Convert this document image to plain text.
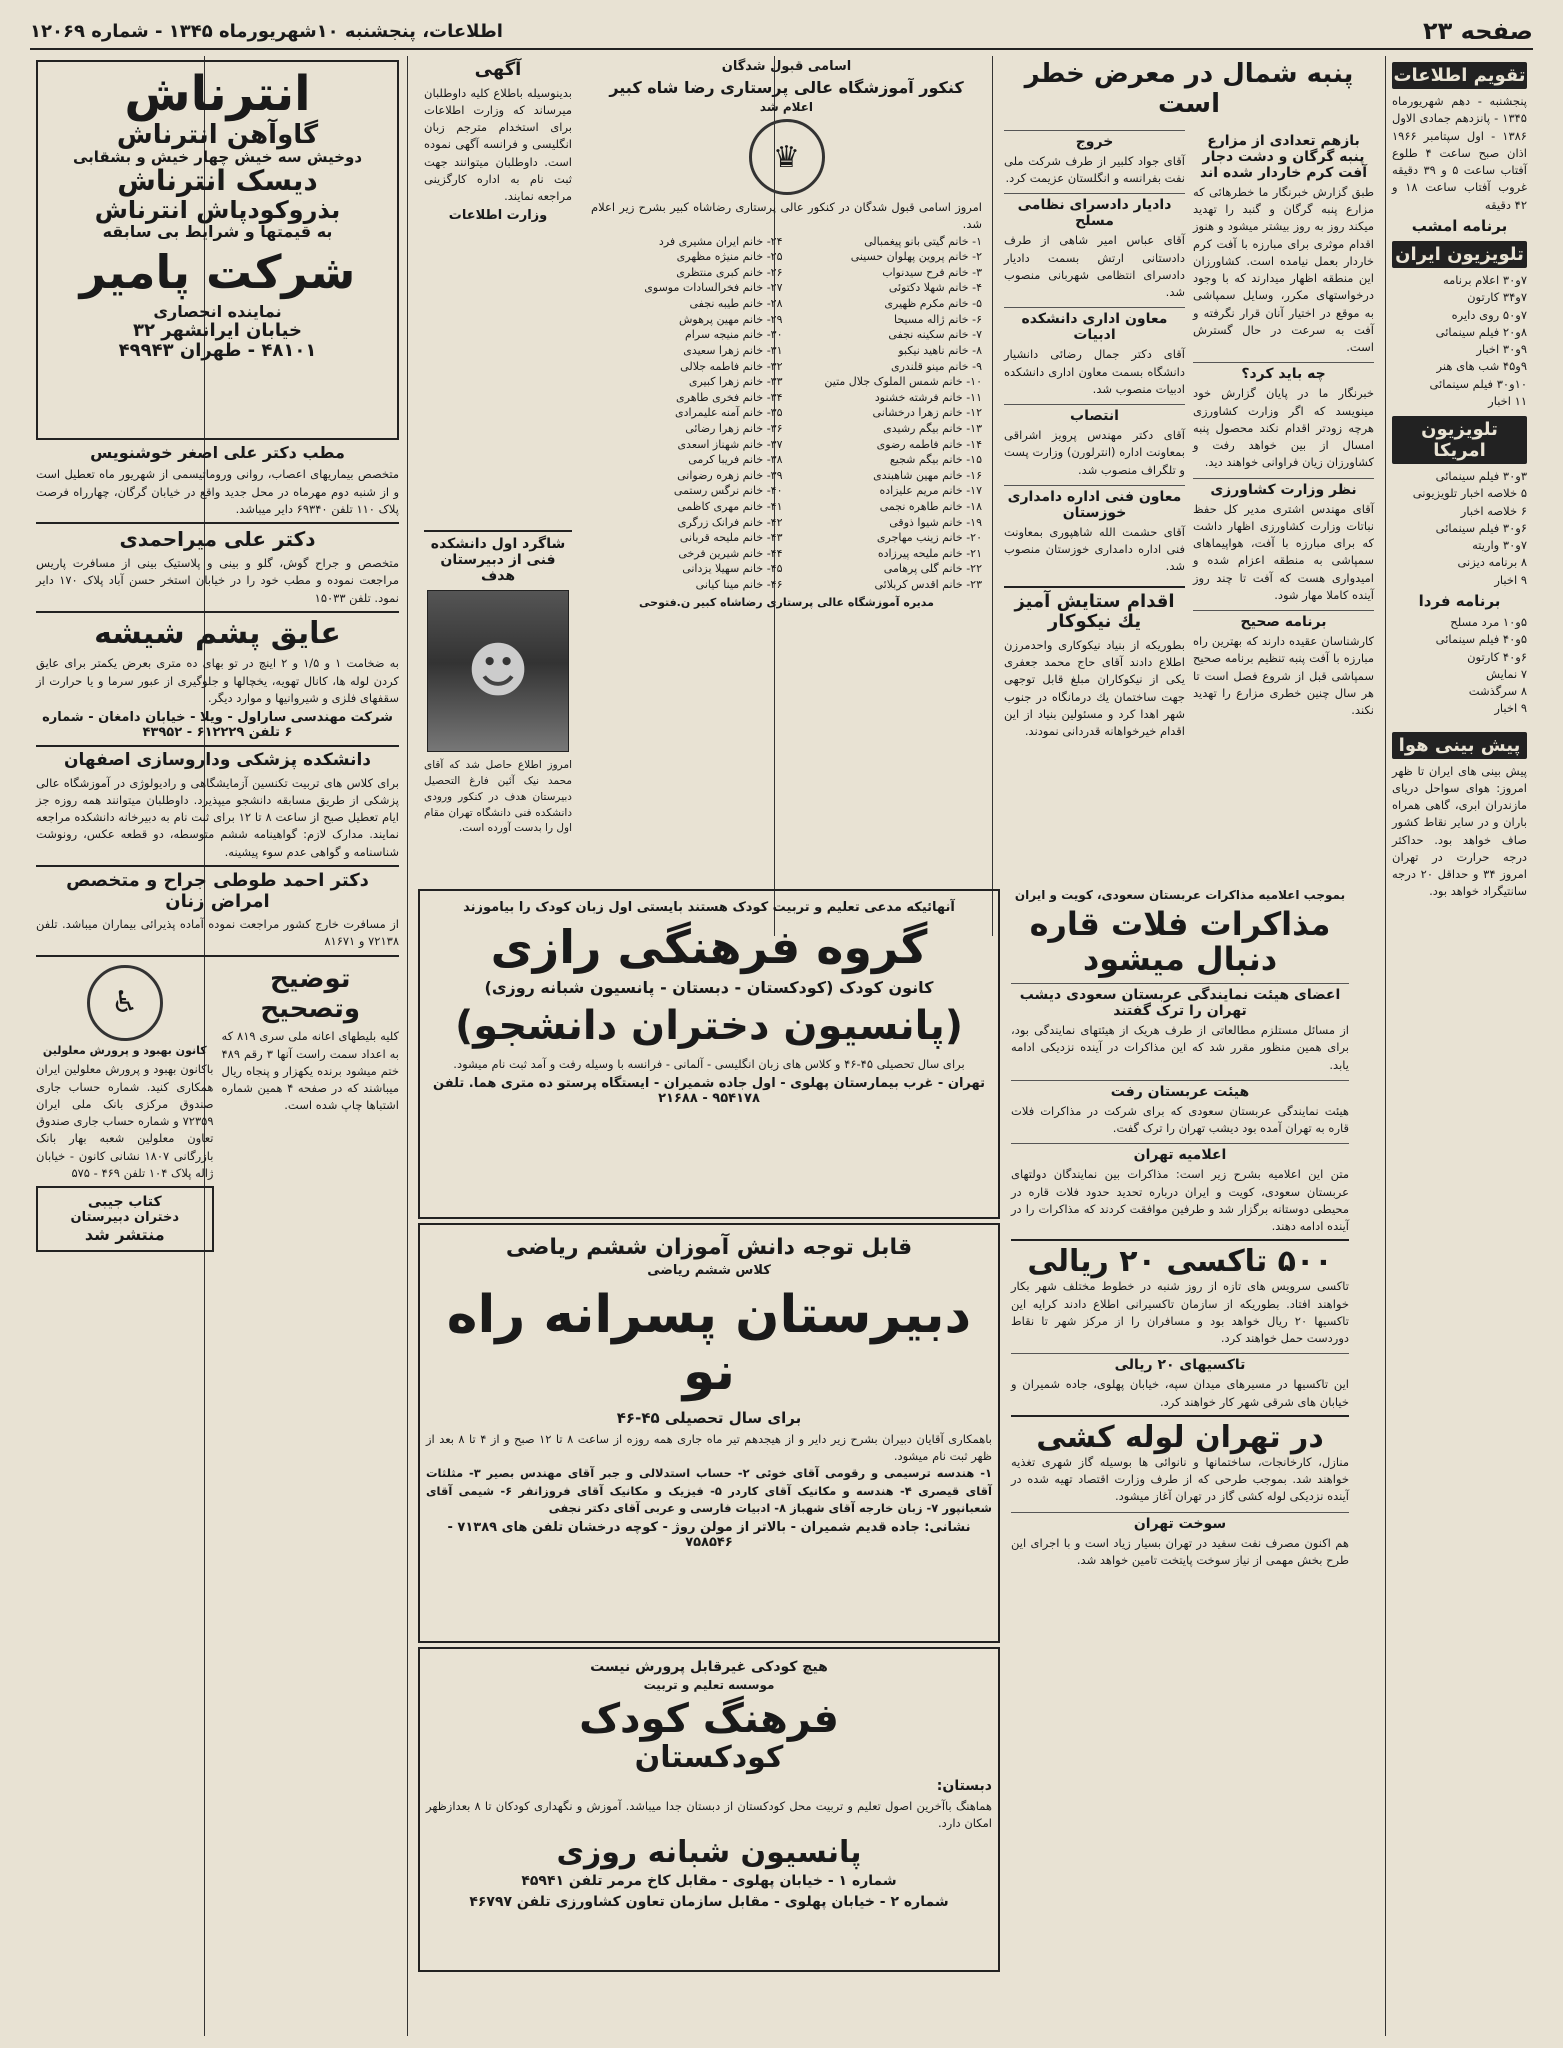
صفحه ۲۳
اطلاعات، پنجشنبه ۱۰شهریورماه ۱۳۴۵ - شماره ۱۲۰۶۹
تقویم اطلاعات

پنجشنبه - دهم شهریورماه ۱۳۴۵ - پانزدهم جمادی الاول ۱۳۸۶ - اول سپتامبر ۱۹۶۶ اذان صبح ساعت ۴ طلوع آفتاب ساعت ۵ و ۳۹ دقیقه غروب آفتاب ساعت ۱۸ و ۴۲ دقیقه

برنامه امشب
تلویزیون ایران
۷و۳۰ اعلام برنامه
۷و۳۴ کارتون
۷و۵۰ روی دایره
۸و۲۰ فیلم سینمائی
۹و۳۰ اخبار
۹و۴۵ شب های هنر
۱۰و۳۰ فیلم سینمائی
۱۱ اخبار
تلویزیون امریکا
۳و۳۰ فیلم سینمائی
۵ خلاصه اخبار تلویزیونی
۶ خلاصه اخبار
۶و۳۰ فیلم سینمائی
۷و۳۰ واریته
۸ برنامه دیزنی
۹ اخبار
برنامه فردا
۵و۱۰ مرد مسلح
۵و۴۰ فیلم سینمائی
۶و۴۰ کارتون
۷ نمایش
۸ سرگذشت
۹ اخبار
پیش بینی هوا

پیش بینی های ایران تا ظهر امروز: هوای سواحل دریای مازندران ابری، گاهی همراه باران و در سایر نقاط کشور صاف خواهد بود. حداکثر درجه حرارت در تهران امروز ۳۴ و حداقل ۲۰ درجه سانتیگراد خواهد بود.

پنبه شمال در معرض خطر است
بازهم تعدادی از مزارع پنبه گرگان و دشت دجار آفت کرم خاردار شده اند

طبق گزارش خبرنگار ما خطرهائی که مزارع پنبه گرگان و گنبد را تهدید میکند روز به روز بیشتر میشود و هنوز اقدام موثری برای مبارزه با آفت کرم خاردار بعمل نیامده است. کشاورزان این منطقه اظهار میدارند که با وجود درخواستهای مکرر، وسایل سمپاشی به موقع در اختیار آنان قرار نگرفته و آفت به سرعت در حال گسترش است.

چه باید کرد؟

خبرنگار ما در پایان گزارش خود مینویسد که اگر وزارت کشاورزی هرچه زودتر اقدام نکند محصول پنبه امسال از بین خواهد رفت و کشاورزان زیان فراوانی خواهند دید.

نظر وزارت کشاورزی

آقای مهندس اشتری مدیر کل حفظ نباتات وزارت کشاورزی اظهار داشت که برای مبارزه با آفت، هواپیماهای سمپاشی به منطقه اعزام شده و امیدواری هست که آفت تا چند روز آینده کاملا مهار شود.

برنامه صحیح

کارشناسان عقیده دارند که بهترین راه مبارزه با آفت پنبه تنظیم برنامه صحیح سمپاشی قبل از شروع فصل است تا هر سال چنین خطری مزارع را تهدید نکند.

خروج

آقای جواد کلبیر از طرف شرکت ملی نفت بفرانسه و انگلستان عزیمت کرد.

دادیار دادسرای نظامی مسلح

آقای عباس امیر شاهی از طرف دادستانی ارتش بسمت دادیار دادسرای انتظامی شهربانی منصوب شد.

معاون اداری دانشکده ادبیات

آقای دکتر جمال رضائی دانشیار دانشگاه بسمت معاون اداری دانشکده ادبیات منصوب شد.

انتصاب

آقای دکتر مهندس پرویز اشراقی بمعاونت اداره (انترلورن) وزارت پست و تلگراف منصوب شد.

معاون فنی اداره دامداری خوزستان

آقای حشمت الله شاهپوری بمعاونت فنی اداره دامداری خوزستان منصوب شد.

اقدام ستایش آمیز یك نیکوکار

بطوریکه از بنیاد نیکوکاری واحدمرزن اطلاع دادند آقای حاج محمد جعفری یکی از نیکوکاران مبلغ قابل توجهی جهت ساختمان یك درمانگاه در جنوب شهر اهدا کرد و مسئولین بنیاد از این اقدام خیرخواهانه قدردانی نمودند.

اسامی قبول شدگان
کنکور آموزشگاه عالی پرستاری رضا شاه کبیر
اعلام شد
♛

امروز اسامی قبول شدگان در کنکور عالی پرستاری رضاشاه کبیر بشرح زیر اعلام شد.

۱- خانم گیتی بانو پیغمبالی
۲- خانم پروین پهلوان حسینی
۳- خانم فرح سیدنواب
۴- خانم شهلا دکتوئی
۵- خانم مکرم ظهیری
۶- خانم ژاله مسیحا
۷- خانم سکینه نجفی
۸- خانم ناهید نیکبو
۹- خانم مینو قلندری
۱۰- خانم شمس الملوک جلال متین
۱۱- خانم فرشته خشنود
۱۲- خانم زهرا درخشانی
۱۳- خانم بیگم رشیدی
۱۴- خانم فاطمه رضوی
۱۵- خانم بیگم شجیع
۱۶- خانم مهین شاهبندی
۱۷- خانم مریم علیزاده
۱۸- خانم طاهره نجمی
۱۹- خانم شیوا ذوقی
۲۰- خانم زینب مهاجری
۲۱- خانم ملیحه پیرزاده
۲۲- خانم گلی پرهامی
۲۳- خانم اقدس کربلائی
۲۴- خانم ایران مشیری فرد
۲۵- خانم منیژه مظهری
۲۶- خانم کبری منتظری
۲۷- خانم فخرالسادات موسوی
۲۸- خانم طیبه نجفی
۲۹- خانم مهین پرهوش
۳۰- خانم منیجه سرام
۳۱- خانم زهرا سعیدی
۳۲- خانم فاطمه جلالی
۳۳- خانم زهرا کبیری
۳۴- خانم فخری طاهری
۳۵- خانم آمنه علیمرادی
۳۶- خانم زهرا رضائی
۳۷- خانم شهناز اسعدی
۳۸- خانم فریبا کرمی
۳۹- خانم زهره رضوانی
۴۰- خانم نرگس رستمی
۴۱- خانم مهری کاظمی
۴۲- خانم فرانک زرگری
۴۳- خانم ملیحه قربانی
۴۴- خانم شیرین فرخی
۴۵- خانم سهیلا یزدانی
۴۶- خانم مینا کیانی
مدیره آموزشگاه عالی پرستاری رضاشاه کبیر ن.فتوحی
انترناش
گاوآهن انترناش
دوخیش سه خیش چهار خیش و بشقابی
دیسک انترناش
بذروکودپاش انترناش
به قیمتها و شرایط بی سابقه
شرکت پامیر
نماینده انحصاری
خیابان ایرانشهر ۳۲
۴۸۱۰۱ - طهران ۴۹۹۴۳
مطب دکتر علی اصغر خوشنویس

متخصص بیماریهای اعصاب، روانی وروماتیسمی از شهریور ماه تعطیل است و از شنبه دوم مهرماه در محل جدید واقع در خیابان گرگان، چهارراه فرصت پلاک ۱۱۰ تلفن ۶۹۳۴۰ دایر میباشد.

دکتر علی میراحمدی

متخصص و جراح گوش، گلو و بینی و پلاستیک بینی از مسافرت پاریس مراجعت نموده و مطب خود را در خیابان استخر حسن آباد پلاک ۱۷۰ دایر نمود. تلفن ۱۵۰۳۳

عایق پشم شیشه

به ضخامت ۱ و ۱/۵ و ۲ اینچ در تو بهای ده متری بعرض یکمتر برای عایق کردن لوله ها، کانال تهویه، یخچالها و جلوگیری از عبور سرما و یا حرارت از سقفهای فلزی و شیروانیها و موارد دیگر.

شرکت مهندسی ساراول - ویلا - خیابان دامغان - شماره ۶ تلفن ۶۱۲۲۲۹ - ۴۳۹۵۲
دانشکده پزشکی وداروسازی اصفهان

برای کلاس های تربیت تکنسین آزمایشگاهی و رادیولوژی در آموزشگاه عالی پزشکی از طریق مسابقه دانشجو میپذیرد. داوطلبان میتوانند همه روزه جز ایام تعطیل صبح از ساعت ۸ تا ۱۲ برای ثبت نام به دبیرخانه دانشکده مراجعه نمایند. مدارک لازم: گواهینامه ششم متوسطه، دو قطعه عکس، رونوشت شناسنامه و گواهی عدم سوء پیشینه.

دکتر احمد طوطی جراح و متخصص امراض زنان

از مسافرت خارج کشور مراجعت نموده آماده پذیرائی بیماران میباشد. تلفن ۷۲۱۳۸ و ۸۱۶۷۱

توضیح وتصحیح

کلیه بلیطهای اعانه ملی سری ۸۱۹ که به اعداد سمت راست آنها ۳ رقم ۴۸۹ ختم میشود برنده یکهزار و پنجاه ریال میباشند که در صفحه ۴ همین شماره اشتباها چاپ شده است.

♿
کانون بهبود و پرورش معلولین

باکانون بهبود و پرورش معلولین ایران همکاری کنید. شماره حساب جاری صندوق مرکزی بانک ملی ایران ۷۲۳۵۹ و شماره حساب جاری صندوق تعاون معلولین شعبه بهار بانک بازرگانی ۱۸۰۷ نشانی کانون - خیابان ژاله پلاک ۱۰۴ تلفن ۴۶۹ - ۵۷۵

کتاب جیبی
دختران دبیرستان
منتشر شد
آنهائیکه مدعی تعلیم و تربیت کودک هستند بایستی اول زبان کودک را بیاموزند
گروه فرهنگی رازی
کانون کودک (کودکستان - دبستان - پانسیون شبانه روزی)
(پانسیون دختران دانشجو)

برای سال تحصیلی ۴۵-۴۶ و کلاس های زبان انگلیسی - آلمانی - فرانسه با وسیله رفت و آمد ثبت نام میشود.

تهران - غرب بیمارستان پهلوی - اول جاده شمیران - ایستگاه پرستو ده متری هما. تلفن ۹۵۴۱۷۸ - ۲۱۶۸۸
قابل توجه دانش آموزان ششم ریاضی
کلاس ششم ریاضی
دبیرستان پسرانه راه نو
برای سال تحصیلی ۴۵-۴۶

باهمکاری آقایان دبیران بشرح زیر دایر و از هیجدهم تیر ماه جاری همه روزه از ساعت ۸ تا ۱۲ صبح و از ۴ تا ۸ بعد از ظهر ثبت نام میشود.

۱- هندسه ترسیمی و رقومی آقای خوئی ۲- حساب استدلالی و جبر آقای مهندس بصیر ۳- مثلثات آقای قیصری ۴- هندسه و مکانیک آقای کاردر ۵- فیزیک و مکانیک آقای فروزانفر ۶- شیمی آقای شعبانپور ۷- زبان خارجه آقای شهباز ۸- ادبیات فارسی و عربی آقای دکتر نجفی

نشانی: جاده قدیم شمیران - بالاتر از مولن روژ - کوچه درخشان تلفن های ۷۱۳۸۹ - ۷۵۸۵۴۶
هیچ کودکی غیرقابل پرورش نیست
موسسه تعلیم و تربیت
فرهنگ کودک
کودکستان
دبستان:

هماهنگ باآخرین اصول تعلیم و تربیت محل کودکستان از دبستان جدا میباشد. آموزش و نگهداری کودکان تا ۸ بعدازظهر امکان دارد.

پانسیون شبانه روزی
شماره ۱ - خیابان پهلوی - مقابل کاخ مرمر تلفن ۴۵۹۴۱
شماره ۲ - خیابان پهلوی - مقابل سازمان تعاون کشاورزی تلفن ۴۶۷۹۷
بموجب اعلامیه مذاکرات عربستان سعودی، کویت و ایران
مذاکرات فلات قاره دنبال میشود
اعضای هیئت نمایندگی عربستان سعودی دیشب تهران را ترک گفتند

از مسائل مستلزم مطالعاتی از طرف هریک از هیئتهای نمایندگی بود، برای همین منظور مقرر شد که این مذاکرات در آینده نزدیکی ادامه یابد.

هیئت عربستان رفت

هیئت نمایندگی عربستان سعودی که برای شرکت در مذاکرات فلات قاره به تهران آمده بود دیشب تهران را ترک گفت.

اعلامیه تهران

متن این اعلامیه بشرح زیر است: مذاکرات بین نمایندگان دولتهای عربستان سعودی، کویت و ایران درباره تحدید حدود فلات قاره در محیطی دوستانه برگزار شد و طرفین موافقت کردند که مذاکرات را در آینده ادامه دهند.

۵۰۰ تاکسی ۲۰ ریالی

تاکسی سرویس های تازه از روز شنبه در خطوط مختلف شهر بکار خواهند افتاد. بطوریکه از سازمان تاکسیرانی اطلاع دادند کرایه این تاکسیها ۲۰ ریال خواهد بود و مسافران را از مرکز شهر تا نقاط دوردست حمل خواهند کرد.

تاکسیهای ۲۰ ریالی

این تاکسیها در مسیرهای میدان سپه، خیابان پهلوی، جاده شمیران و خیابان های شرقی شهر کار خواهند کرد.

در تهران لوله کشی

منازل، کارخانجات، ساختمانها و نانوائی ها بوسیله گاز شهری تغذیه خواهند شد. بموجب طرحی که از طرف وزارت اقتصاد تهیه شده در آینده نزدیکی لوله کشی گاز در تهران آغاز میشود.

سوخت تهران

هم اکنون مصرف نفت سفید در تهران بسیار زیاد است و با اجرای این طرح بخش مهمی از نیاز سوخت پایتخت تامین خواهد شد.

شاگرد اول دانشکده فنی از دبیرستان هدف
☻

امروز اطلاع حاصل شد که آقای محمد نیک ‌آئین فارغ التحصیل دبیرستان هدف در کنکور ورودی دانشکده فنی دانشگاه تهران مقام اول را بدست آورده است.

آگهی

بدینوسیله باطلاع کلیه داوطلبان میرساند که وزارت اطلاعات برای استخدام مترجم زبان انگلیسی و فرانسه آگهی نموده است. داوطلبان میتوانند جهت ثبت نام به اداره کارگزینی مراجعه نمایند.

وزارت اطلاعات
